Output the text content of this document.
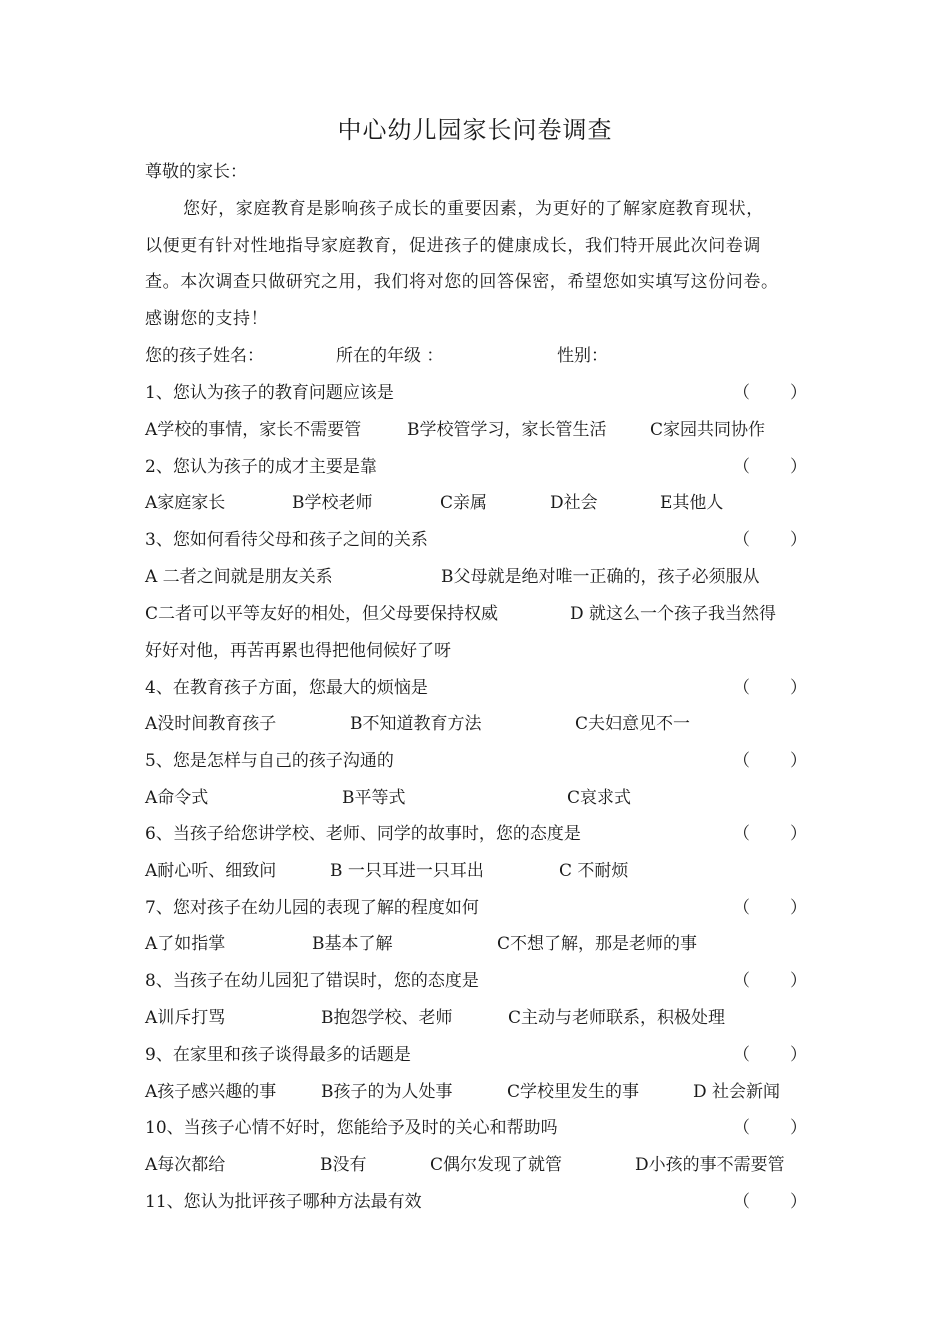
中心幼儿园家长问卷调查
尊敬的家长：
您好，家庭教育是影响孩子成长的重要因素，为更好的了解家庭教育现状，
以便更有针对性地指导家庭教育，促进孩子的健康成长，我们特开展此次问卷调
查。本次调查只做研究之用，我们将对您的回答保密，希望您如实填写这份问卷。
感谢您的支持！
您的孩子姓名：	所在的年级 ：	性别：
1、您认为孩子的教育问题应该是	（ ）
A学校的事情，家长不需要管	B学校管学习，家长管生活	C家园共同协作
2、您认为孩子的成才主要是靠	（ ）
A家庭家长	B学校老师	C亲属	D社会	E其他人
3、您如何看待父母和孩子之间的关系	（ ）
A 二者之间就是朋友关系	B父母就是绝对唯一正确的，孩子必须服从
C二者可以平等友好的相处，但父母要保持权威	D 就这么一个孩子我当然得
好好对他，再苦再累也得把他伺候好了呀
4、在教育孩子方面，您最大的烦恼是	（ ）
A没时间教育孩子	B不知道教育方法	C夫妇意见不一
5、您是怎样与自己的孩子沟通的	（ ）
A命令式	B平等式	C哀求式
6、当孩子给您讲学校、老师、同学的故事时，您的态度是	（ ）
A耐心听、细致问	B 一只耳进一只耳出	C 不耐烦
7、您对孩子在幼儿园的表现了解的程度如何	（ ）
A了如指掌	B基本了解	C不想了解，那是老师的事
8、当孩子在幼儿园犯了错误时，您的态度是	（ ）
A训斥打骂	B抱怨学校、老师	C主动与老师联系，积极处理
9、在家里和孩子谈得最多的话题是	（ ）
A孩子感兴趣的事	B孩子的为人处事	C学校里发生的事	D 社会新闻
10、当孩子心情不好时，您能给予及时的关心和帮助吗	（ ）
A每次都给	B没有	C偶尔发现了就管	D小孩的事不需要管
11、您认为批评孩子哪种方法最有效	（ ）
